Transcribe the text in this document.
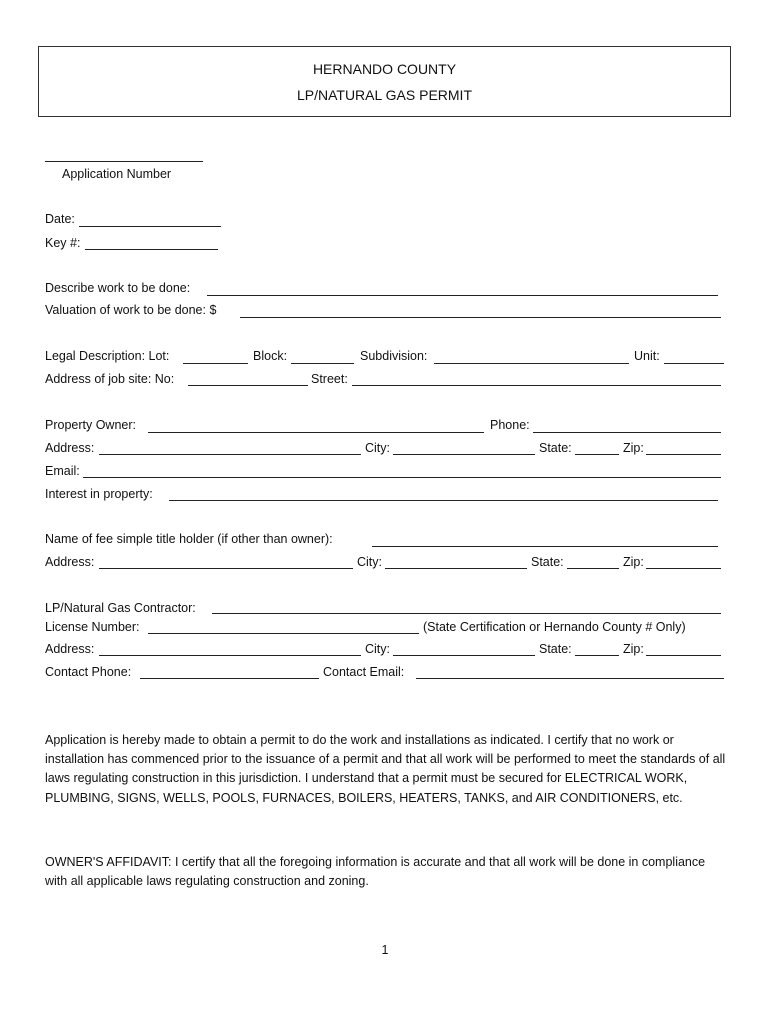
HERNANDO COUNTY
LP/NATURAL GAS PERMIT
Application Number
Date:
Key #:
Describe work to be done:
Valuation of work to be done: $
Legal Description: Lot:	Block:	Subdivision:	Unit:
Address of job site: No:	Street:
Property Owner:	Phone:
Address:	City:	State:	Zip:
Email:
Interest in property:
Name of fee simple title holder (if other than owner):
Address:	City:	State:	Zip:
LP/Natural Gas Contractor:
License Number:	(State Certification or Hernando County # Only)
Address:	City:	State:	Zip:
Contact Phone:	Contact Email:
Application is hereby made to obtain a permit to do the work and installations as indicated. I certify that no work or installation has commenced prior to the issuance of a permit and that all work will be performed to meet the standards of all laws regulating construction in this jurisdiction. I understand that a permit must be secured for ELECTRICAL WORK, PLUMBING, SIGNS, WELLS, POOLS, FURNACES, BOILERS, HEATERS, TANKS, and AIR CONDITIONERS, etc.
OWNER'S AFFIDAVIT: I certify that all the foregoing information is accurate and that all work will be done in compliance with all applicable laws regulating construction and zoning.
1
